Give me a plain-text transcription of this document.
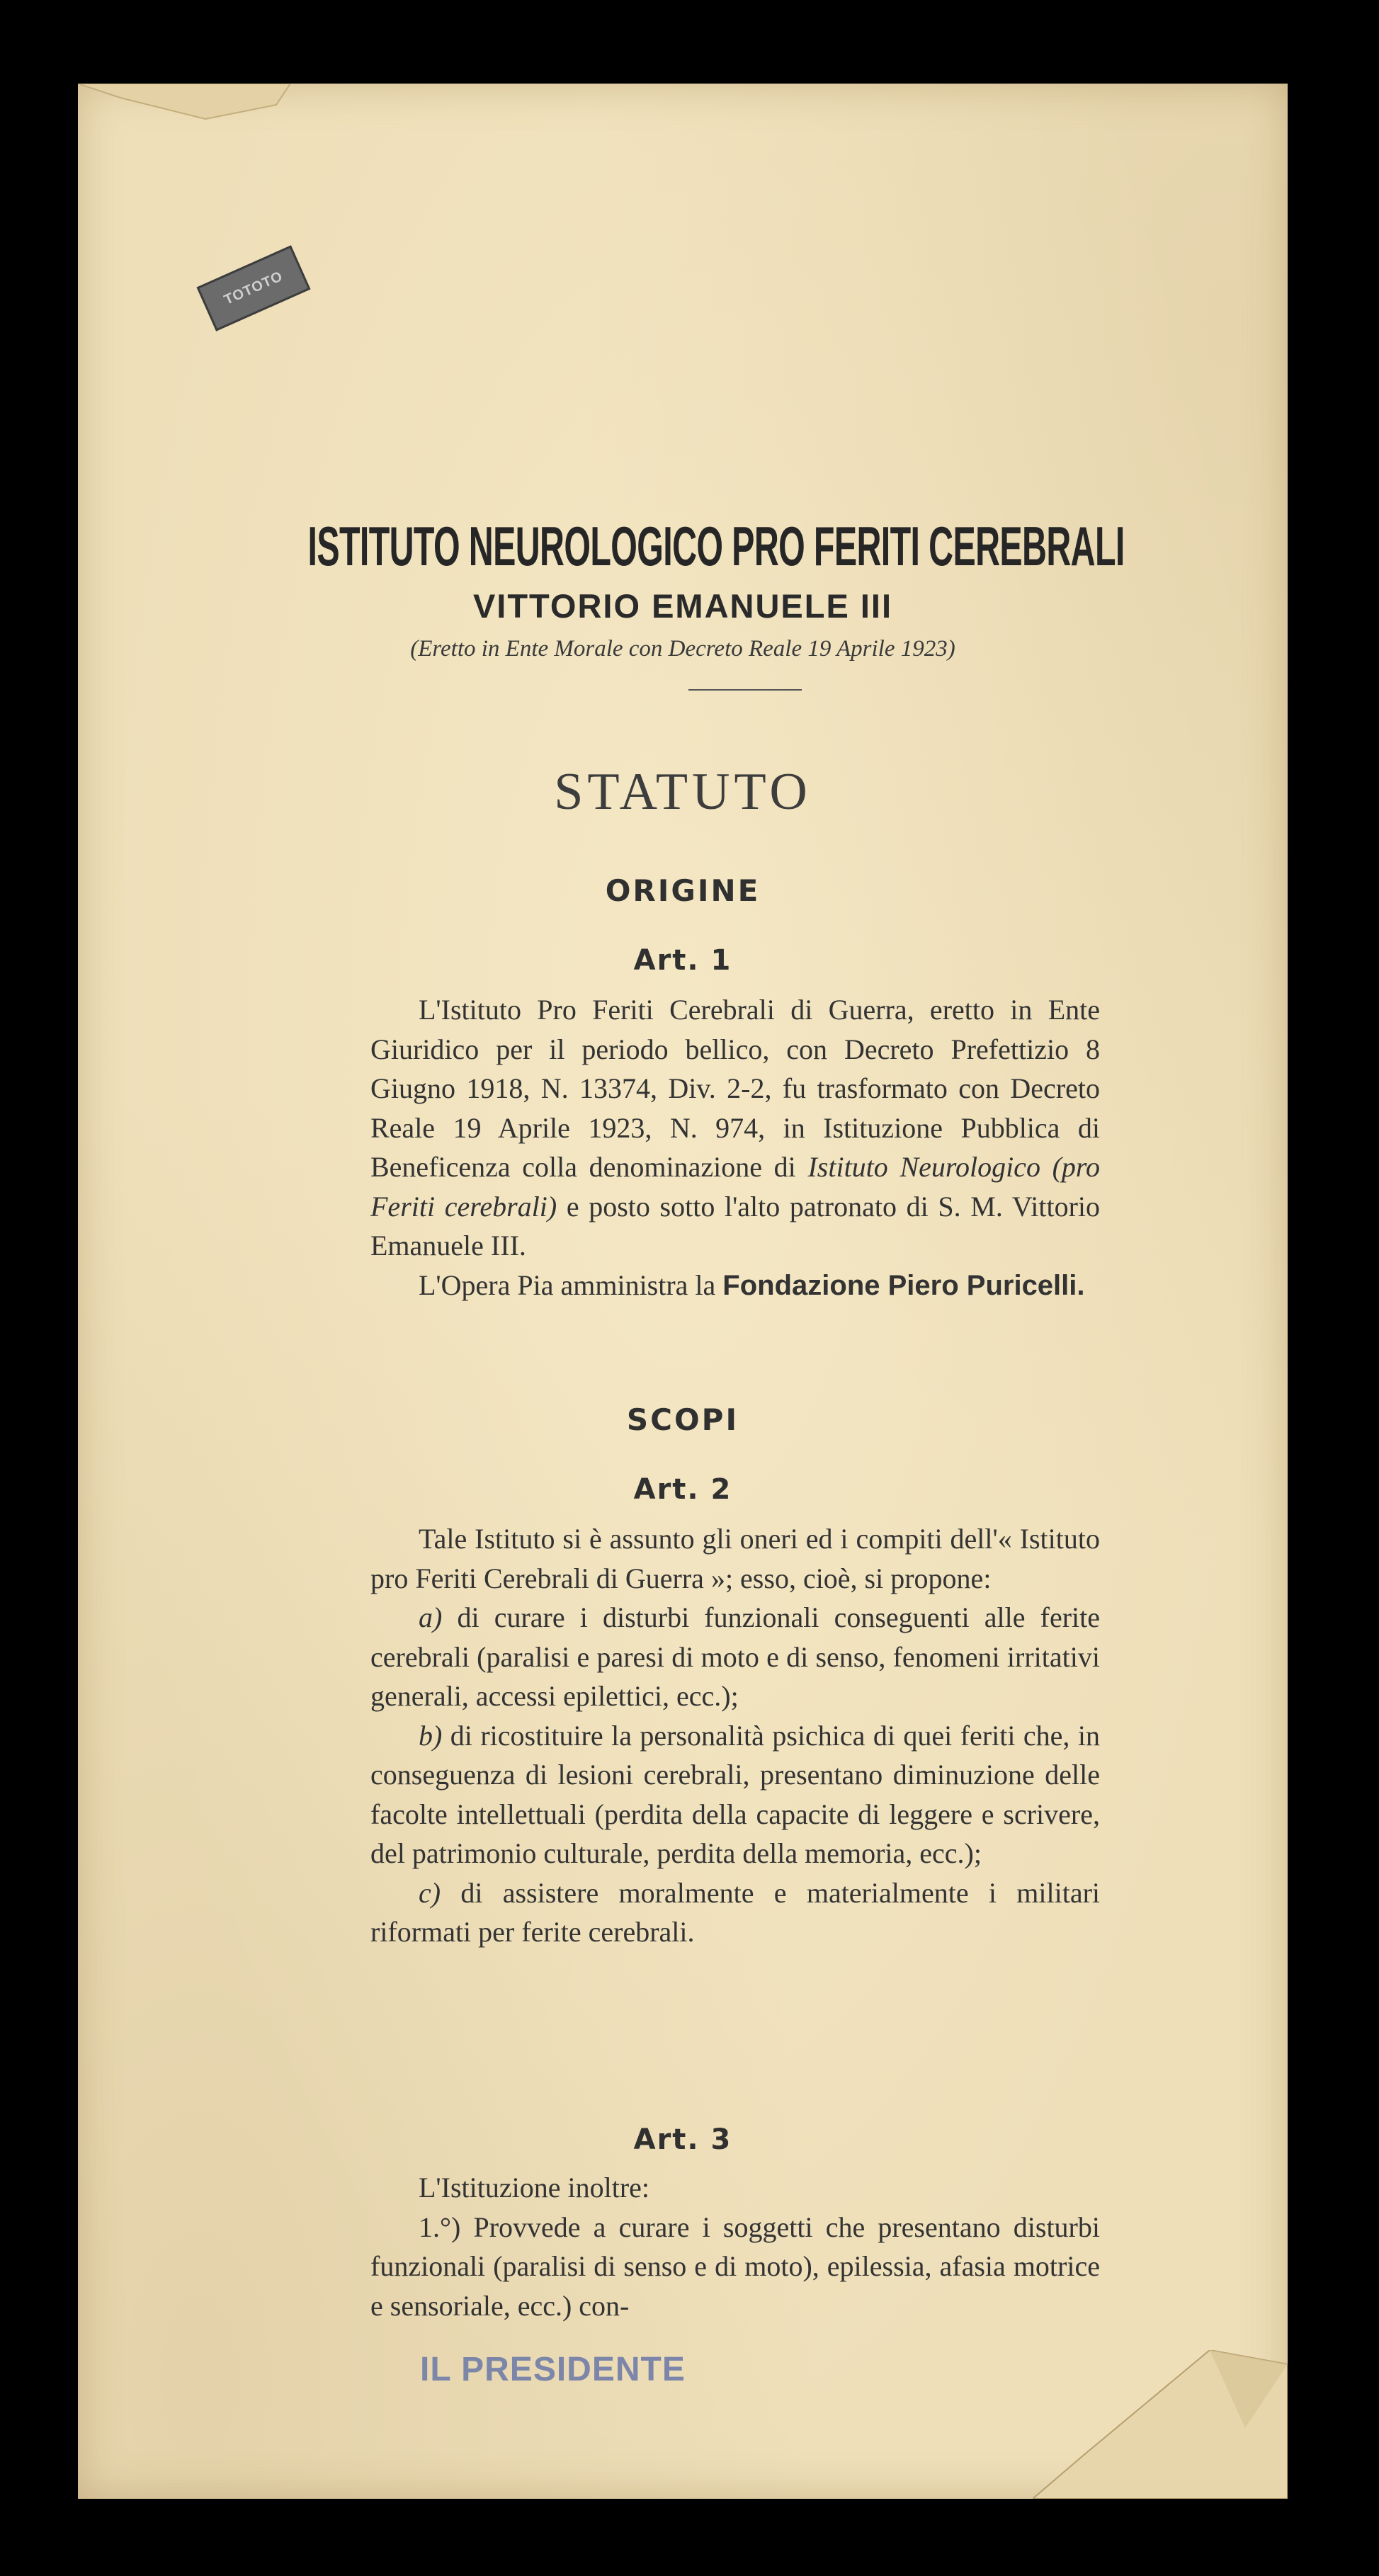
TOTOTO
ISTITUTO NEUROLOGICO PRO FERITI CEREBRALI
VITTORIO EMANUELE III
(Eretto in Ente Morale con Decreto Reale 19 Aprile 1923)
STATUTO
ORIGINE
Art. 1

L'Istituto Pro Feriti Cerebrali di Guerra, eretto in Ente Giuridico per il periodo bellico, con Decreto Prefettizio 8 Giugno 1918, N. 13374, Div. 2-2, fu trasformato con Decreto Reale 19 Aprile 1923, N. 974, in Istituzione Pubblica di Beneficenza colla denominazione di Istituto Neurologico (pro Feriti cerebrali) e posto sotto l'alto patronato di S. M. Vittorio Emanuele III.

L'Opera Pia amministra la Fondazione Piero Puricelli.

SCOPI
Art. 2

Tale Istituto si è assunto gli oneri ed i compiti dell'« Istituto pro Feriti Cerebrali di Guerra »; esso, cioè, si propone:

a) di curare i disturbi funzionali conseguenti alle ferite cerebrali (paralisi e paresi di moto e di senso, fenomeni irritativi generali, accessi epilettici, ecc.);

b) di ricostituire la personalità psichica di quei feriti che, in conseguenza di lesioni cerebrali, presentano diminuzione delle facolte intellettuali (perdita della capacite di leggere e scrivere, del patrimonio culturale, perdita della memoria, ecc.);

c) di assistere moralmente e materialmente i militari riformati per ferite cerebrali.

Art. 3

L'Istituzione inoltre:

1.°) Provvede a curare i soggetti che presentano disturbi funzionali (paralisi di senso e di moto), epilessia, afasia motrice e sensoriale, ecc.) con-

IL PRESIDENTE
